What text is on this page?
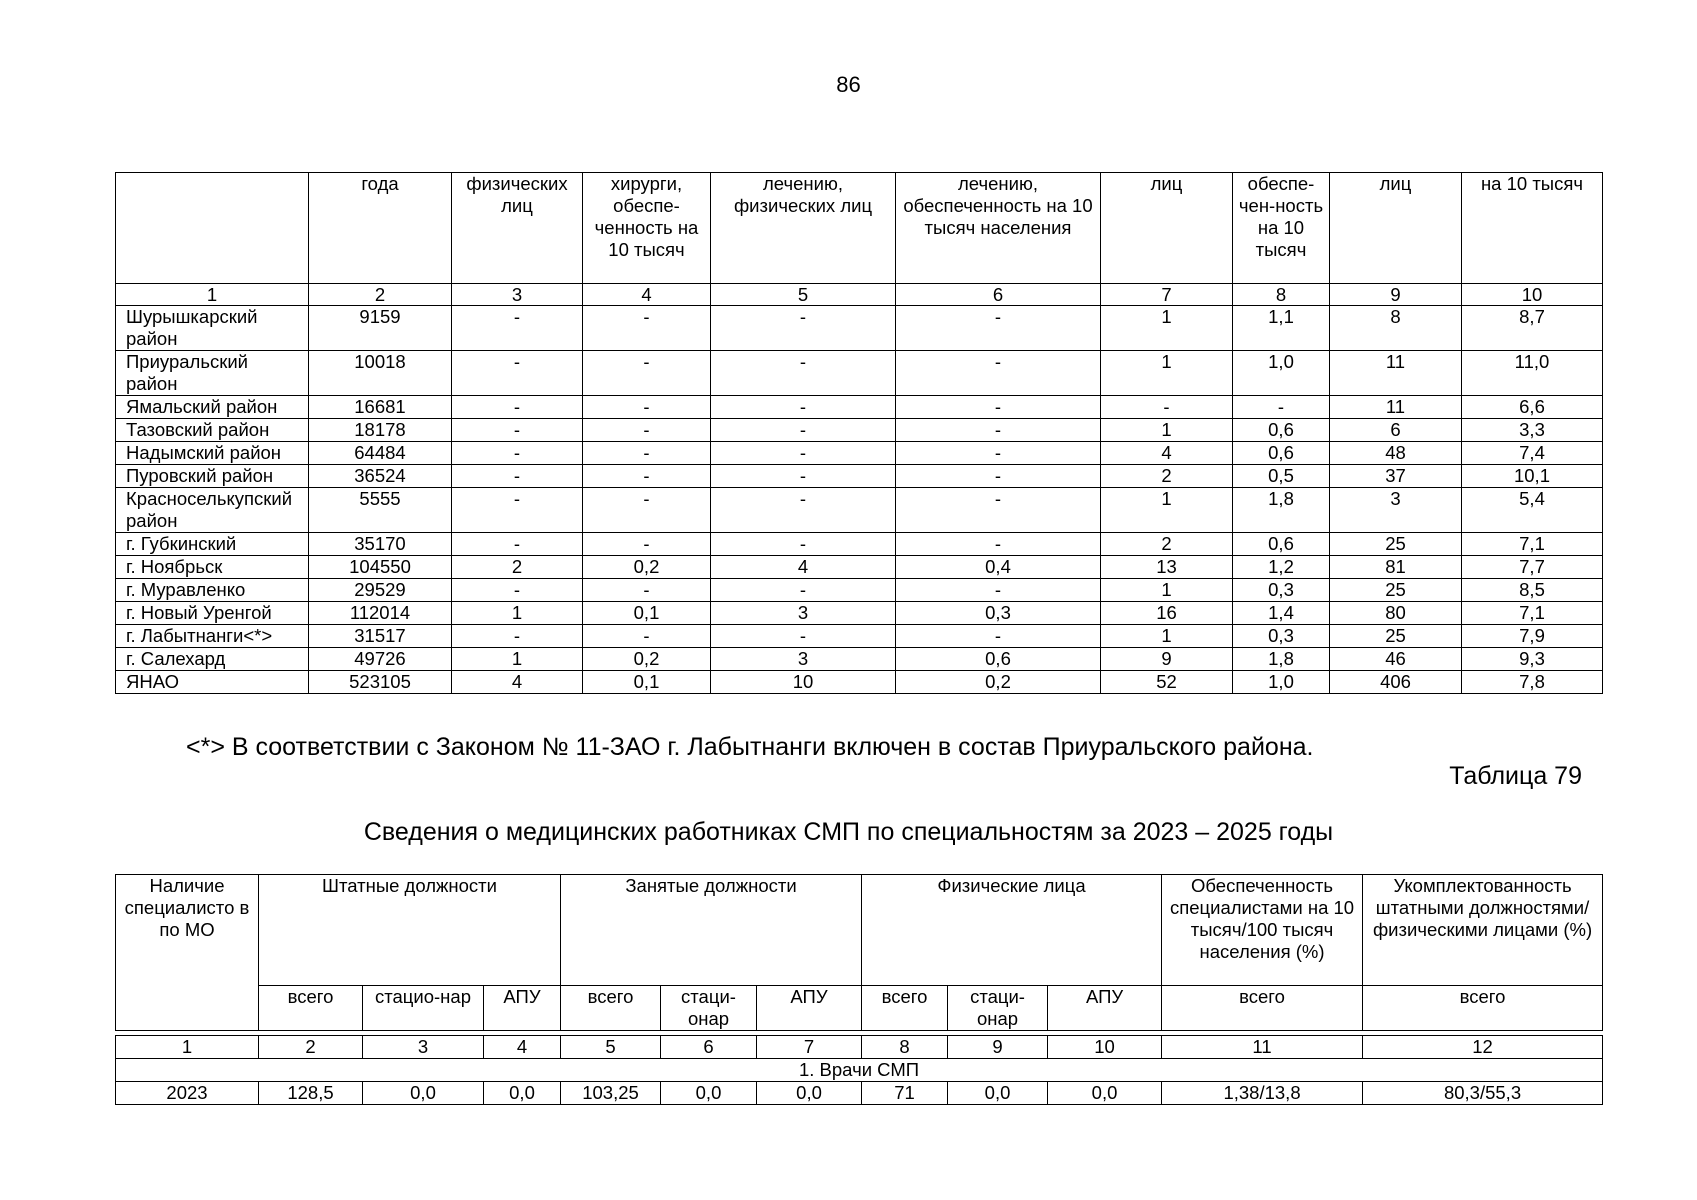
86
	года	физических лиц	хирурги, обеспе-ченность на 10 тысяч	лечению, физических лиц	лечению, обеспеченность на 10 тысяч населения	лиц	обеспе-чен-ность на 10 тысяч	лиц	на 10 тысяч
1	2	3	4	5	6	7	8	9	10
Шурышкарский район	9159	-	-	-	-	1	1,1	8	8,7
Приуральский район	10018	-	-	-	-	1	1,0	11	11,0
Ямальский район	16681	-	-	-	-	-	-	11	6,6
Тазовский район	18178	-	-	-	-	1	0,6	6	3,3
Надымский район	64484	-	-	-	-	4	0,6	48	7,4
Пуровский район	36524	-	-	-	-	2	0,5	37	10,1
Красноселькупский район	5555	-	-	-	-	1	1,8	3	5,4
г. Губкинский	35170	-	-	-	-	2	0,6	25	7,1
г. Ноябрьск	104550	2	0,2	4	0,4	13	1,2	81	7,7
г. Муравленко	29529	-	-	-	-	1	0,3	25	8,5
г. Новый Уренгой	112014	1	0,1	3	0,3	16	1,4	80	7,1
г. Лабытнанги<*>	31517	-	-	-	-	1	0,3	25	7,9
г. Салехард	49726	1	0,2	3	0,6	9	1,8	46	9,3
ЯНАО	523105	4	0,1	10	0,2	52	1,0	406	7,8
<*> В соответствии с Законом № 11-ЗАО г. Лабытнанги включен в состав Приуральского района.
Таблица 79
Сведения о медицинских работниках СМП по специальностям за 2023 – 2025 годы
Наличие специалисто в по МО	Штатные должности			Занятые должности			Физические лица			Обеспеченность специалистами на 10 тысяч/100 тысяч населения (%)	Укомплектованность штатными должностями/ физическими лицами (%)
	всего	стацио-нар	АПУ	всего	стаци-онар	АПУ	всего	стаци-онар	АПУ	всего	всего

1	2	3	4	5	6	7	8	9	10	11	12
1. Врачи СМП											
2023	128,5	0,0	0,0	103,25	0,0	0,0	71	0,0	0,0	1,38/13,8	80,3/55,3
